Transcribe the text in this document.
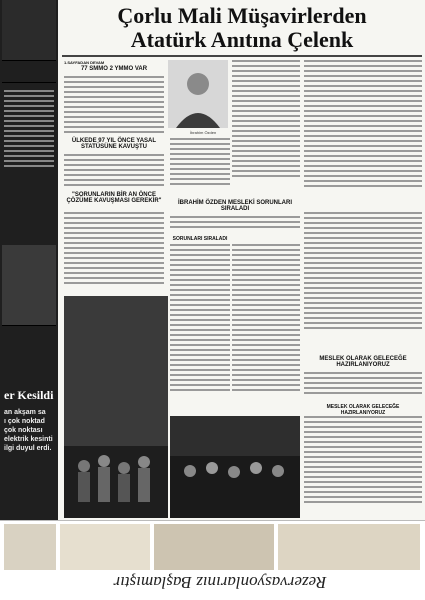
er Kesildi
an akşam sa
ı çok noktad
çok noktası
elektrik kesinti
ilgi duyul erdi.
Çorlu Mali Müşavirlerden
Atatürk Anıtına Çelenk
1.SAYFADAN DEVAM
77 SMMO 2 YMMO VAR
ÜLKEDE 97 YIL ÖNCE YASAL STATÜSÜNE KAVUŞTU
"SORUNLARIN BİR AN ÖNCE ÇÖZÜME KAVUŞMASI GEREKİR"
İbrahim Özden
İBRAHİM ÖZDEN MESLEKİ SORUNLARI SIRALADI
SORUNLARI SIRALADI
MESLEK OLARAK GELECEĞE HAZIRLANIYORUZ
MESLEK OLARAK GELECEĞE HAZIRLANIYORUZ
Rezervasyonlarınız Başlamıştır
